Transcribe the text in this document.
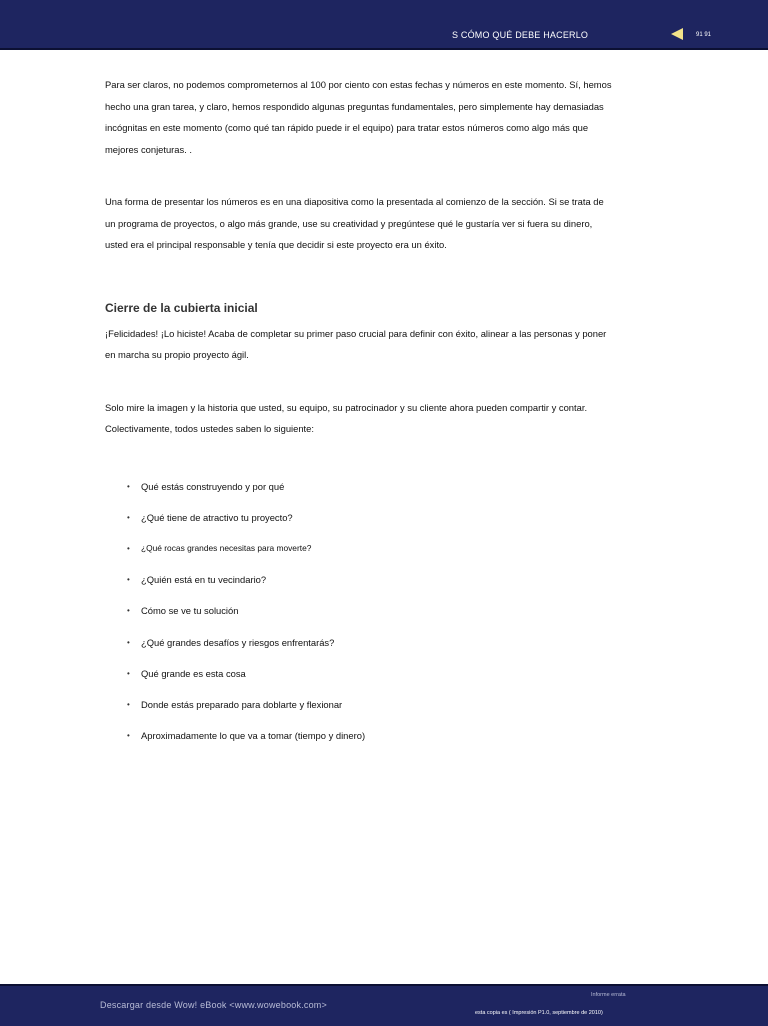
S CÓMO QUÉ DEBE HACERLO	91 91

Para ser claros, no podemos comprometernos al 100 por ciento con estas fechas y números en este momento. Sí, hemos hecho una gran tarea, y claro, hemos respondido algunas preguntas fundamentales, pero simplemente hay demasiadas incógnitas en este momento (como qué tan rápido puede ir el equipo) para tratar estos números como algo más que mejores conjeturas. .

Una forma de presentar los números es en una diapositiva como la presentada al comienzo de la sección. Si se trata de un programa de proyectos, o algo más grande, use su creatividad y pregúntese qué le gustaría ver si fuera su dinero, usted era el principal responsable y tenía que decidir si este proyecto era un éxito.

Cierre de la cubierta inicial

¡Felicidades! ¡Lo hiciste! Acaba de completar su primer paso crucial para definir con éxito, alinear a las personas y poner en marcha su propio proyecto ágil.

Solo mire la imagen y la historia que usted, su equipo, su patrocinador y su cliente ahora pueden compartir y contar. Colectivamente, todos ustedes saben lo siguiente:

• Qué estás construyendo y por qué
• ¿Qué tiene de atractivo tu proyecto?
• ¿Qué rocas grandes necesitas para moverte?
• ¿Quién está en tu vecindario?
• Cómo se ve tu solución
• ¿Qué grandes desafíos y riesgos enfrentarás?
• Qué grande es esta cosa
• Donde estás preparado para doblarte y flexionar
• Aproximadamente lo que va a tomar (tiempo y dinero)
Descargar desde Wow! eBook <www.wowebook.com>
Informe errata
esta copia es ( Impresión P1.0, septiembre de 2010)
